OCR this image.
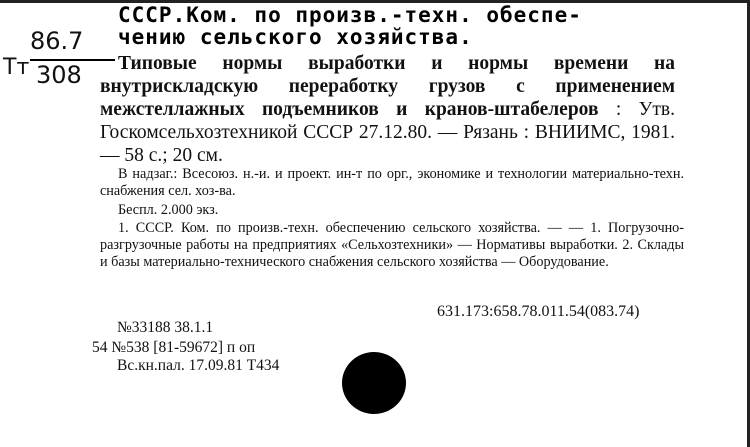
СССР.Ком. по произв.-техн. обеспе-
чению сельского хозяйства.
86.7
308
Тт	Типовые нормы выработки и нормы времени на внутрискладскую переработку грузов с применением межстеллажных подъемников и кранов-штабелеров : Утв. Госкомсельхозтехникой СССР 27.12.80. — Рязань : ВНИИМС, 1981. — 58 с.; 20 см.
В надзаг.: Всесоюз. н.-и. и проект. ин-т по орг., экономике и технологии материально-техн. снабжения сел. хоз-ва.
Беспл. 2.000 экз.
1. СССР. Ком. по произв.-техн. обеспечению сельского хозяйства. — — 1. Погрузочно-разгрузочные работы на предприятиях «Сельхозтехники» — Нормативы выработки. 2. Склады и базы материально-технического снабжения сельского хозяйства — Оборудование.
631.173:658.78.011.54(083.74)
№33188 38.1.1
54 №538 [81-59672] п оп
Вс.кн.пал. 17.09.81 Т434
